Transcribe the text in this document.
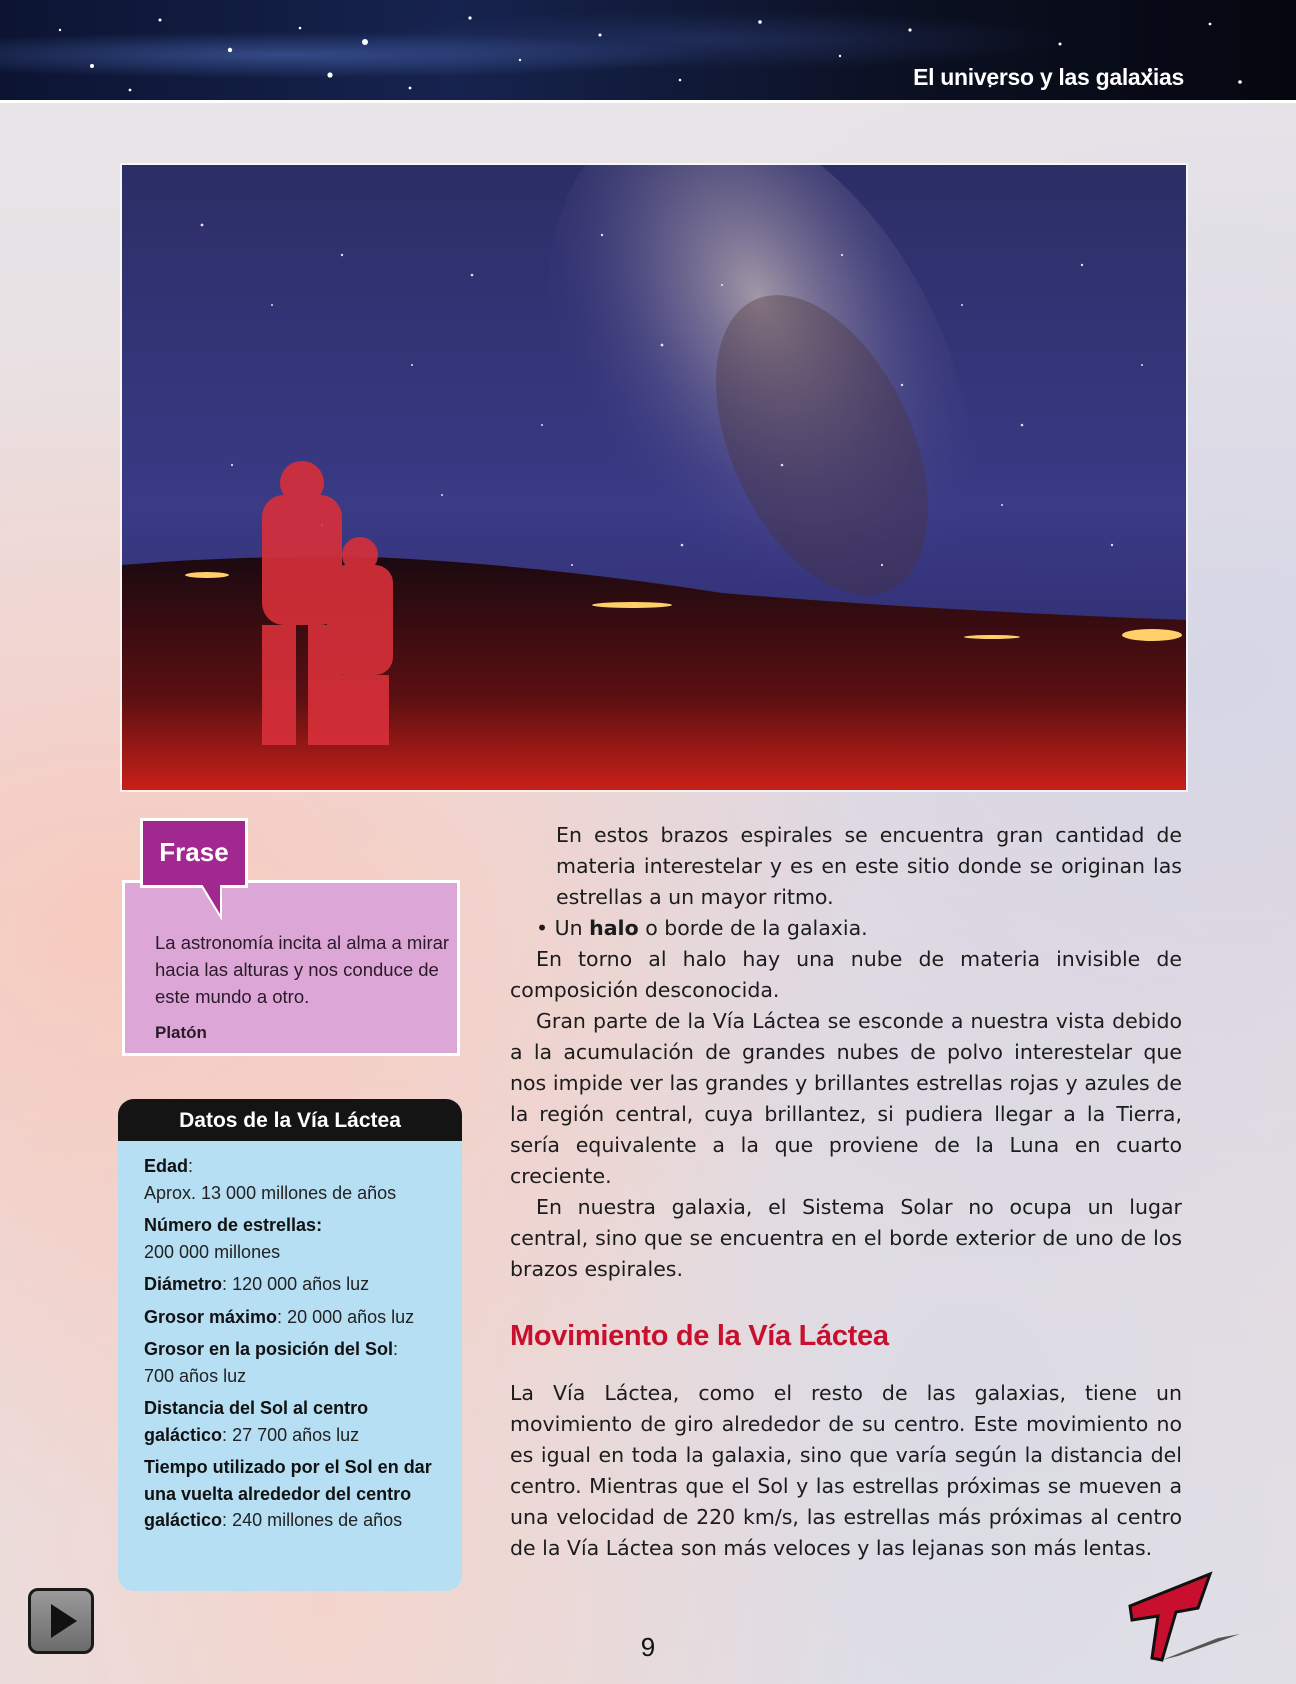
El universo y las galaxias
La astronomía incita al alma a mirar hacia las alturas y nos conduce de este mundo a otro.
Platón
Frase
Datos de la Vía Láctea
Edad:
Aprox. 13 000 millones de años
Número de estrellas:
200 000 millones
Diámetro: 120 000 años luz
Grosor máximo: 20 000 años luz
Grosor en la posición del Sol:
700 años luz
Distancia del Sol al centro galáctico: 27 700 años luz
Tiempo utilizado por el Sol en dar una vuelta alrededor del centro galáctico: 240 millones de años

En estos brazos espirales se encuentra gran cantidad de materia interestelar y es en este sitio donde se originan las estrellas a un mayor ritmo.

• Un halo o borde de la galaxia.

En torno al halo hay una nube de materia invisible de composición desconocida.

Gran parte de la Vía Láctea se esconde a nuestra vista debido a la acumulación de grandes nubes de polvo interestelar que nos impide ver las grandes y brillantes estrellas rojas y azules de la región central, cuya brillantez, si pudiera llegar a la Tierra, sería equivalente a la que proviene de la Luna en cuarto creciente.

En nuestra galaxia, el Sistema Solar no ocupa un lugar central, sino que se encuentra en el borde exterior de uno de los brazos espirales.

Movimiento de la Vía Láctea

La Vía Láctea, como el resto de las galaxias, tiene un movimiento de giro alrededor de su centro. Este movimiento no es igual en toda la galaxia, sino que varía según la distancia del centro. Mientras que el Sol y las estrellas próximas se mueven a una velocidad de 220 km/s, las estrellas más próximas al centro de la Vía Láctea son más veloces y las lejanas son más lentas.

9
